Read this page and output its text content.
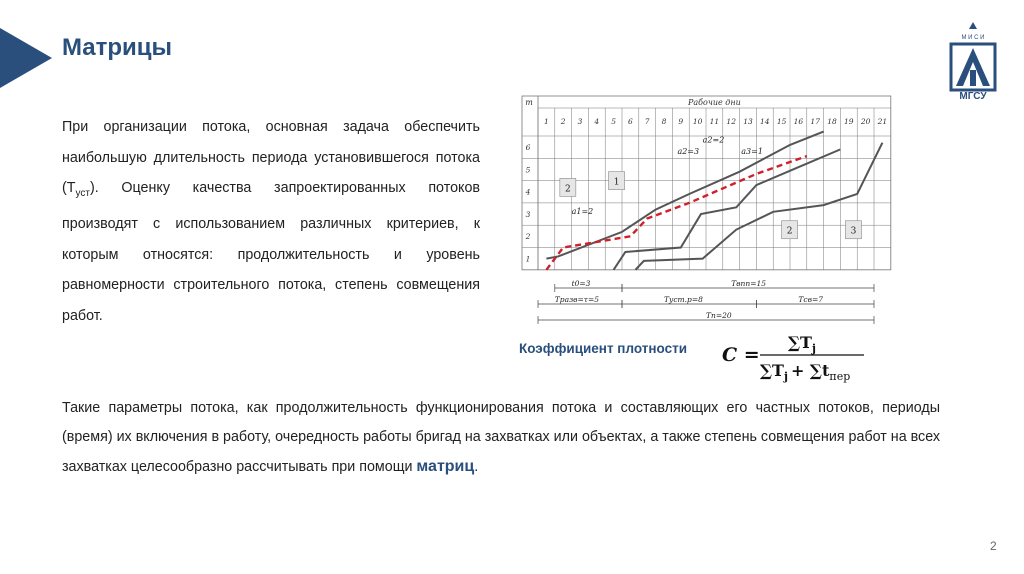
Матрицы	М И С И
МГСУ

При организации потока, основная задача обеспечить наибольшую длительность периода установившегося потока $(Т_{уст})$. Оценку качества запроектированных потоков производят с использованием различных критериев, к которым относятся: продолжительность и уровень равномерности строительного потока, степень совмещения работ.

т	Рабочие дни
1 2 3 4 5 6 7 8 9 10 11 12 13 14 15 16 17 18 19 20 21
6
5
4
3
2
1
2
1
2	3
a2=3
a2=2
a3=1
a1=2
t0=3	Tвпп=15
Tразв=τ=5	Tуст.р=8	Tсв=7
Tп=20
Коэффициент плотности C =
$\sum T_j$
$\sum T_j + \sum t_{пер}$

Такие параметры потока, как продолжительность функционирования потока и составляющих его частных потоков, периоды (время) их включения в работу, очередность работы бригад на захватках или объектах, а также степень совмещения работ на всех захватках целесообразно рассчитывать при помощи матриц.

2
